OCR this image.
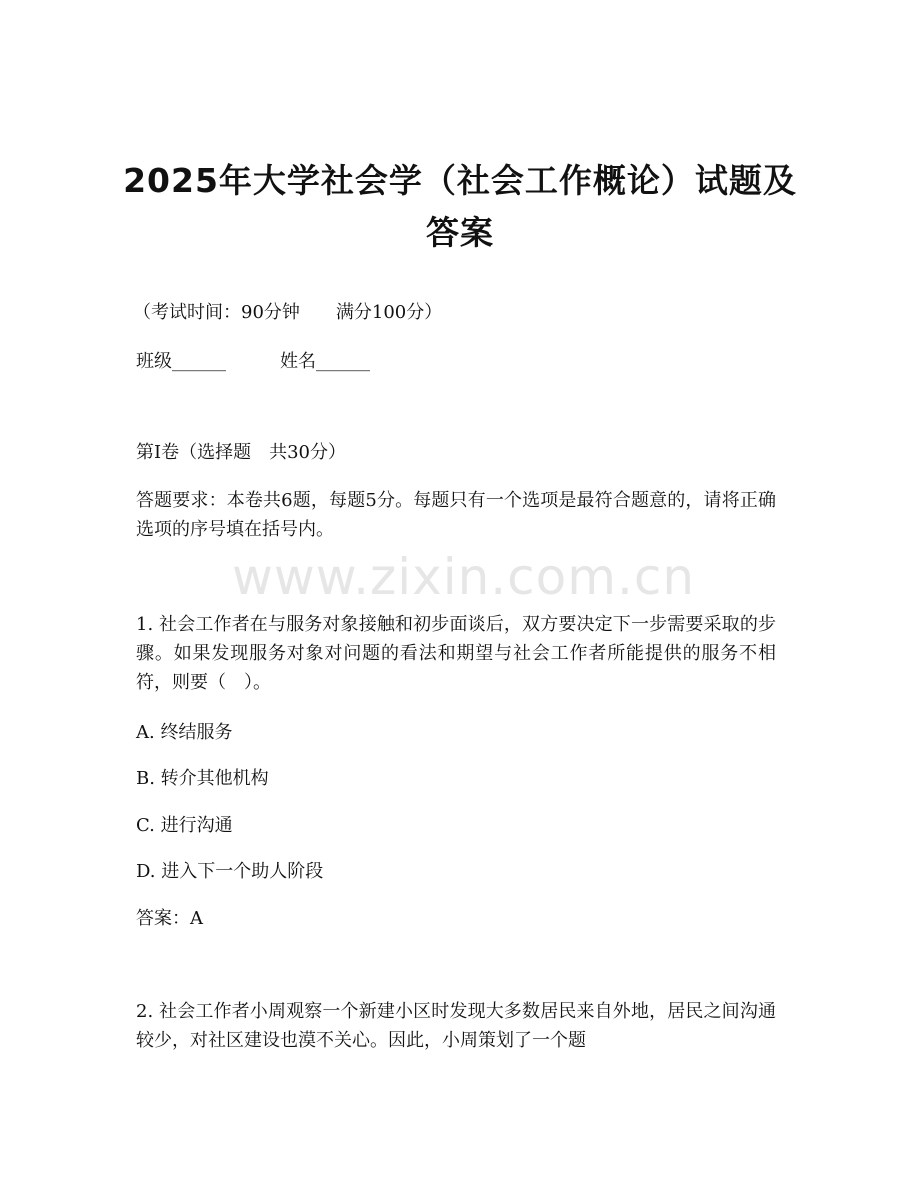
www.zixin.com.cn
2025年大学社会学（社会工作概论）试题及
答案
（考试时间：90分钟　　满分100分）
班级______　　　姓名______
第I卷（选择题　共30分）
答题要求：本卷共6题，每题5分。每题只有一个选项是最符合题意的，请将正确选项的序号填在括号内。
1. 社会工作者在与服务对象接触和初步面谈后，双方要决定下一步需要采取的步骤。如果发现服务对象对问题的看法和期望与社会工作者所能提供的服务不相符，则要（　）。
A. 终结服务
B. 转介其他机构
C. 进行沟通
D. 进入下一个助人阶段
答案：A
2. 社会工作者小周观察一个新建小区时发现大多数居民来自外地，居民之间沟通较少，对社区建设也漠不关心。因此，小周策划了一个题
